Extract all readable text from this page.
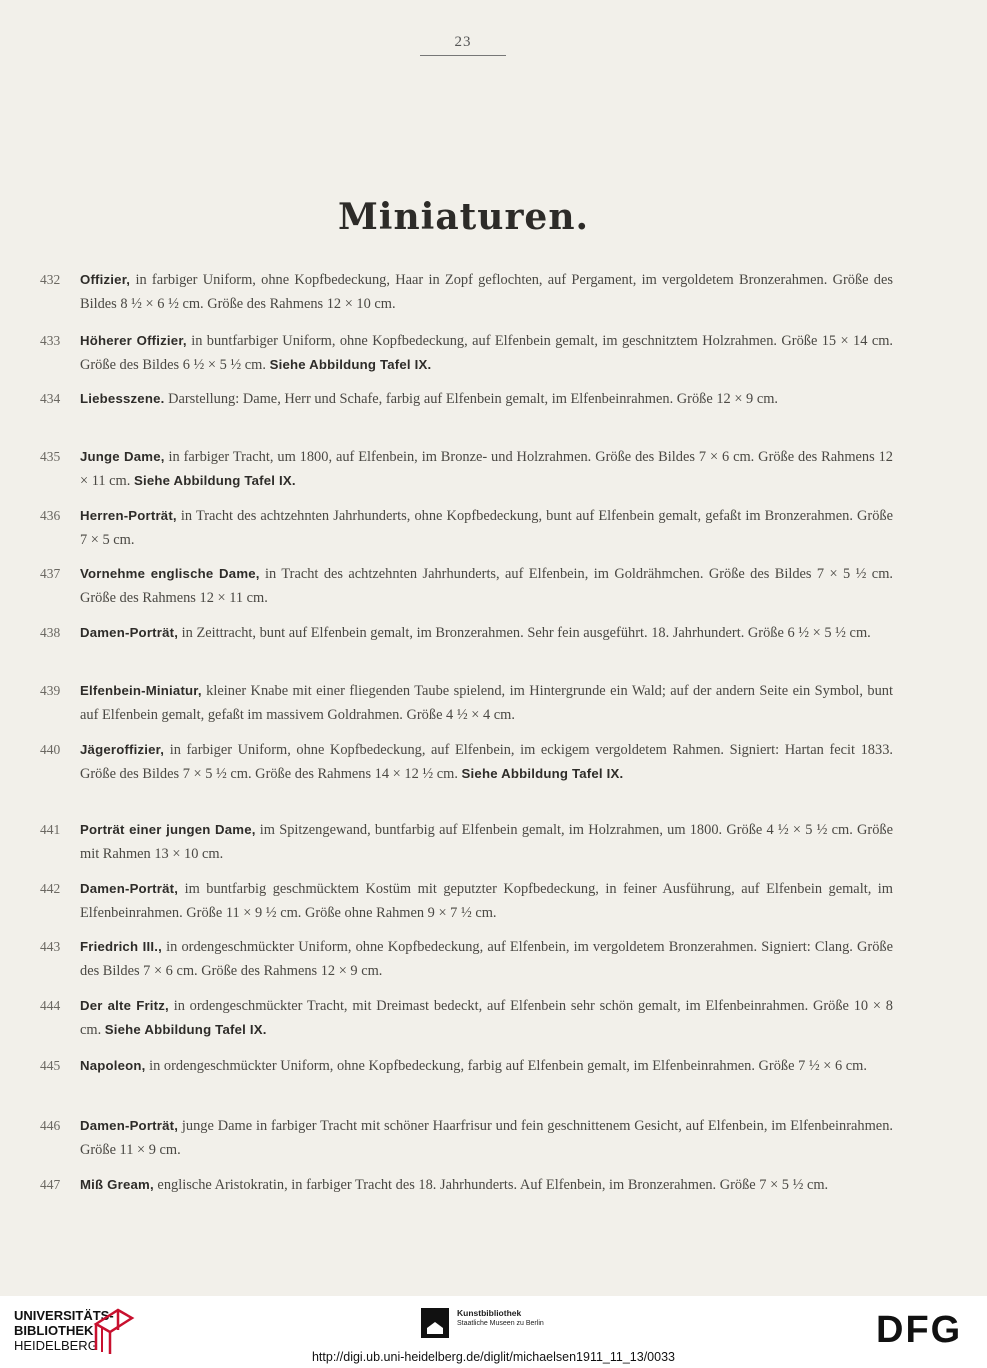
23
Miniaturen.
432	Offizier, in farbiger Uniform, ohne Kopfbedeckung, Haar in Zopf geflochten, auf Pergament, im vergoldetem Bronzerahmen. Größe des Bildes 8 ½ × 6 ½ cm. Größe des Rahmens 12 × 10 cm.
433	Höherer Offizier, in buntfarbiger Uniform, ohne Kopfbedeckung, auf Elfenbein gemalt, im geschnitztem Holzrahmen. Größe 15 × 14 cm. Größe des Bildes 6 ½ × 5 ½ cm. Siehe Abbildung Tafel IX.
434	Liebesszene. Darstellung: Dame, Herr und Schafe, farbig auf Elfenbein gemalt, im Elfenbeinrahmen. Größe 12 × 9 cm.
435	Junge Dame, in farbiger Tracht, um 1800, auf Elfenbein, im Bronze- und Holzrahmen. Größe des Bildes 7 × 6 cm. Größe des Rahmens 12 × 11 cm. Siehe Abbildung Tafel IX.
436	Herren-Porträt, in Tracht des achtzehnten Jahrhunderts, ohne Kopfbedeckung, bunt auf Elfenbein gemalt, gefaßt im Bronzerahmen. Größe 7 × 5 cm.
437	Vornehme englische Dame, in Tracht des achtzehnten Jahrhunderts, auf Elfenbein, im Goldrähmchen. Größe des Bildes 7 × 5 ½ cm. Größe des Rahmens 12 × 11 cm.
438	Damen-Porträt, in Zeittracht, bunt auf Elfenbein gemalt, im Bronzerahmen. Sehr fein ausgeführt. 18. Jahrhundert. Größe 6 ½ × 5 ½ cm.
439	Elfenbein-Miniatur, kleiner Knabe mit einer fliegenden Taube spielend, im Hintergrunde ein Wald; auf der andern Seite ein Symbol, bunt auf Elfenbein gemalt, gefaßt im massivem Goldrahmen. Größe 4 ½ × 4 cm.
440	Jägeroffizier, in farbiger Uniform, ohne Kopfbedeckung, auf Elfenbein, im eckigem vergoldetem Rahmen. Signiert: Hartan fecit 1833. Größe des Bildes 7 × 5 ½ cm. Größe des Rahmens 14 × 12 ½ cm. Siehe Abbildung Tafel IX.
441	Porträt einer jungen Dame, im Spitzengewand, buntfarbig auf Elfenbein gemalt, im Holzrahmen, um 1800. Größe 4 ½ × 5 ½ cm. Größe mit Rahmen 13 × 10 cm.
442	Damen-Porträt, im buntfarbig geschmücktem Kostüm mit geputzter Kopfbedeckung, in feiner Ausführung, auf Elfenbein gemalt, im Elfenbeinrahmen. Größe 11 × 9 ½ cm. Größe ohne Rahmen 9 × 7 ½ cm.
443	Friedrich III., in ordengeschmückter Uniform, ohne Kopfbedeckung, auf Elfenbein, im vergoldetem Bronzerahmen. Signiert: Clang. Größe des Bildes 7 × 6 cm. Größe des Rahmens 12 × 9 cm.
444	Der alte Fritz, in ordengeschmückter Tracht, mit Dreimast bedeckt, auf Elfenbein sehr schön gemalt, im Elfenbeinrahmen. Größe 10 × 8 cm. Siehe Abbildung Tafel IX.
445	Napoleon, in ordengeschmückter Uniform, ohne Kopfbedeckung, farbig auf Elfenbein gemalt, im Elfenbeinrahmen. Größe 7 ½ × 6 cm.
446	Damen-Porträt, junge Dame in farbiger Tracht mit schöner Haarfrisur und fein geschnittenem Gesicht, auf Elfenbein, im Elfenbeinrahmen. Größe 11 × 9 cm.
447	Miß Gream, englische Aristokratin, in farbiger Tracht des 18. Jahrhunderts. Auf Elfenbein, im Bronzerahmen. Größe 7 × 5 ½ cm.
UNIVERSITÄTS-
BIBLIOTHEK
HEIDELBERG
Kunstbibliothek
Staatliche Museen zu Berlin	DFG
http://digi.ub.uni-heidelberg.de/diglit/michaelsen1911_11_13/0033
